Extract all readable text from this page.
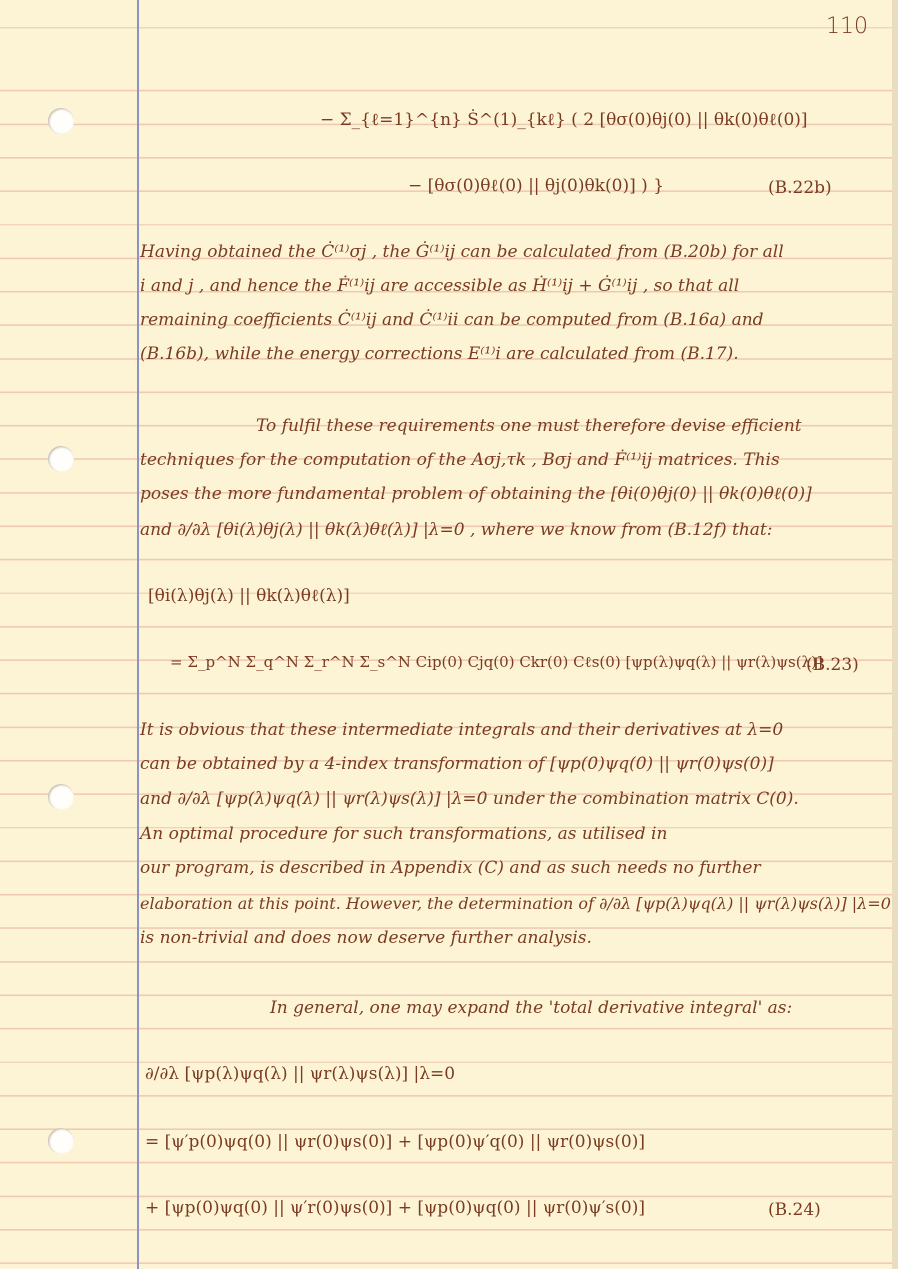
110
− Σ_{ℓ=1}^{n} Ṡ^(1)_{kℓ} ( 2 [θσ(0)θj(0) || θk(0)θℓ(0)]
− [θσ(0)θℓ(0) || θj(0)θk(0)] ) }	(B.22b)
Having obtained the Ċ⁽¹⁾σj , the Ġ⁽¹⁾ij can be calculated from (B.20b) for all
i and j , and hence the Ḟ⁽¹⁾ij are accessible as Ḣ⁽¹⁾ij + Ġ⁽¹⁾ij , so that all
remaining coefficients Ċ⁽¹⁾ij and Ċ⁽¹⁾ii can be computed from (B.16a) and
(B.16b), while the energy corrections E⁽¹⁾i are calculated from (B.17).
To fulfil these requirements one must therefore devise efficient
techniques for the computation of the Aσj,τk , Bσj and Ḟ⁽¹⁾ij matrices. This
poses the more fundamental problem of obtaining the [θi(0)θj(0) || θk(0)θℓ(0)]
and ∂/∂λ [θi(λ)θj(λ) || θk(λ)θℓ(λ)] |λ=0 , where we know from (B.12f) that:
[θi(λ)θj(λ) || θk(λ)θℓ(λ)]
= Σ_p^N Σ_q^N Σ_r^N Σ_s^N Cip(0) Cjq(0) Ckr(0) Cℓs(0) [ψp(λ)ψq(λ) || ψr(λ)ψs(λ)]
(B.23)
It is obvious that these intermediate integrals and their derivatives at λ=0
can be obtained by a 4-index transformation of [ψp(0)ψq(0) || ψr(0)ψs(0)]
and ∂/∂λ [ψp(λ)ψq(λ) || ψr(λ)ψs(λ)] |λ=0 under the combination matrix C(0).
An optimal procedure for such transformations, as utilised in
our program, is described in Appendix (C) and as such needs no further
elaboration at this point. However, the determination of ∂/∂λ [ψp(λ)ψq(λ) || ψr(λ)ψs(λ)] |λ=0
is non-trivial and does now deserve further analysis.
In general, one may expand the 'total derivative integral' as:
∂/∂λ [ψp(λ)ψq(λ) || ψr(λ)ψs(λ)] |λ=0
= [ψ′p(0)ψq(0) || ψr(0)ψs(0)] + [ψp(0)ψ′q(0) || ψr(0)ψs(0)]
+ [ψp(0)ψq(0) || ψ′r(0)ψs(0)] + [ψp(0)ψq(0) || ψr(0)ψ′s(0)]	(B.24)
